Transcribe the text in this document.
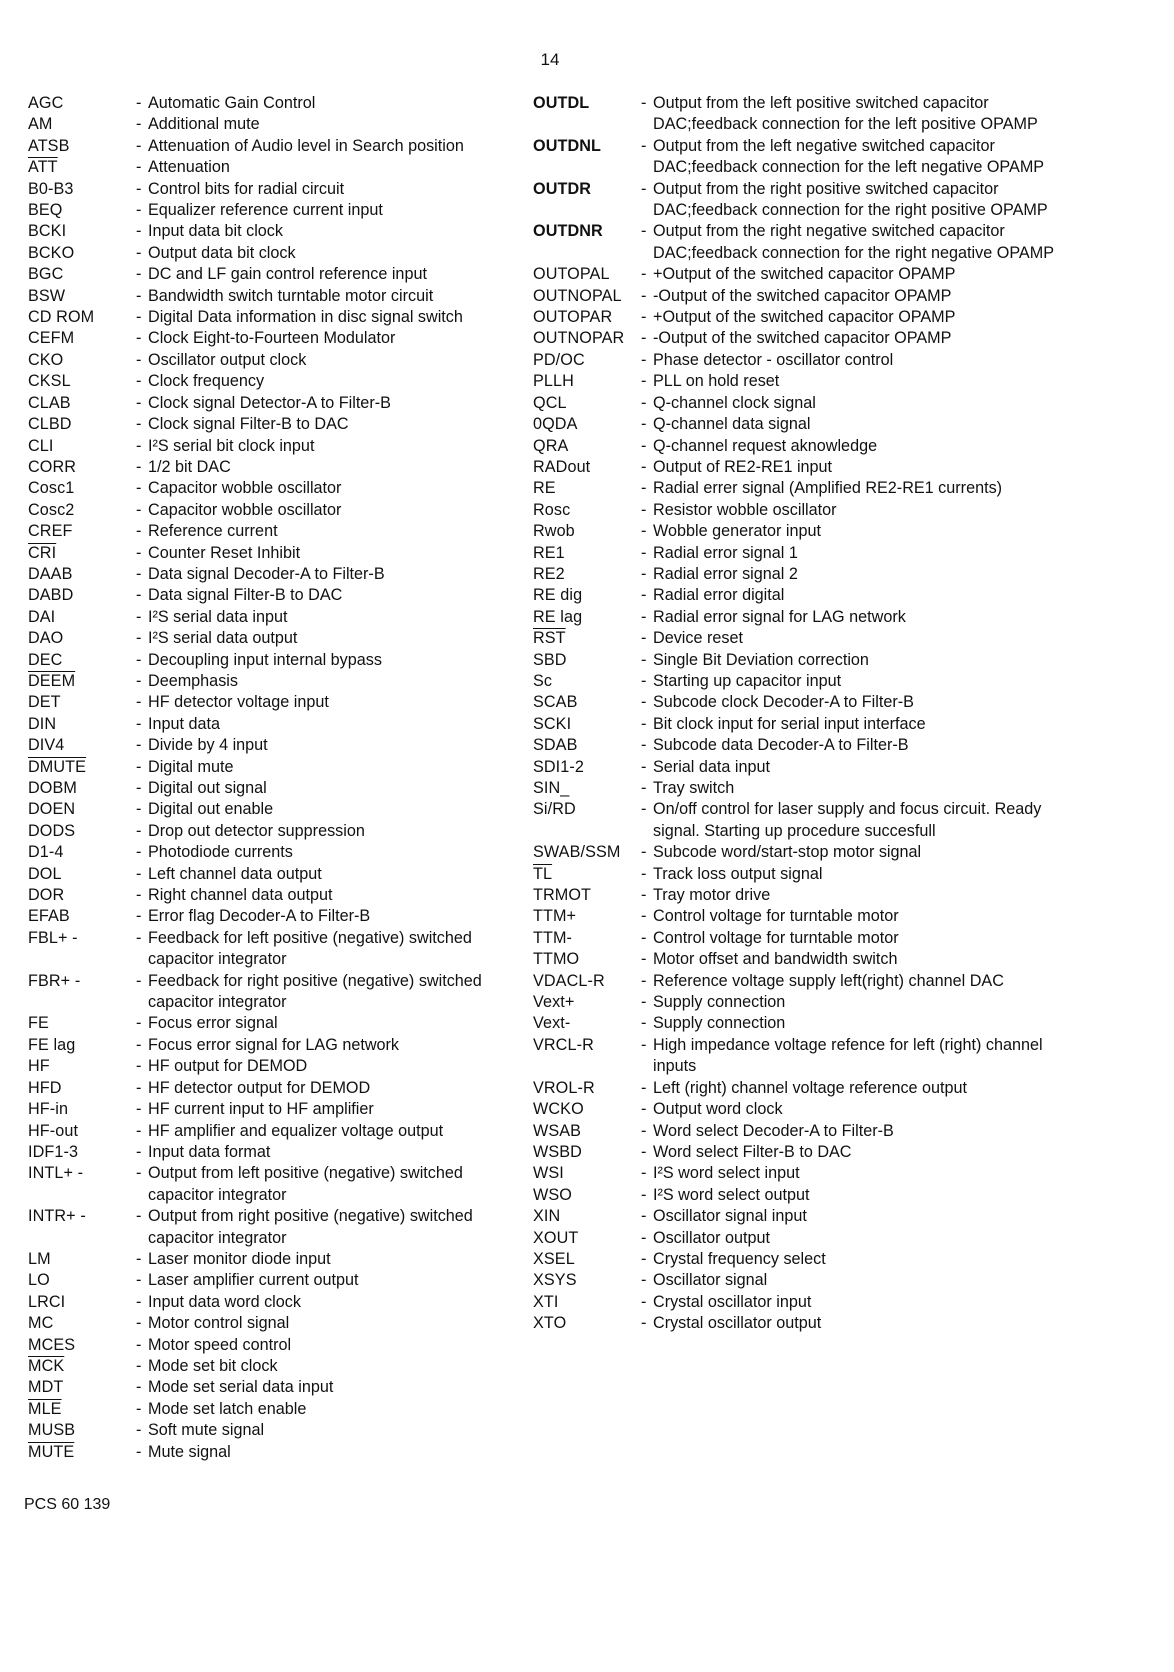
14
AGC	- Automatic Gain Control
AM	- Additional mute
ATSB	- Attenuation of Audio level in Search position
$\overline{ATT}$	- Attenuation
B0-B3	- Control bits for radial circuit
BEQ	- Equalizer reference current input
BCKI	- Input data bit clock
BCKO	- Output data bit clock
BGC	- DC and LF gain control reference input
BSW	- Bandwidth switch turntable motor circuit
CD ROM	- Digital Data information in disc signal switch
CEFM	- Clock Eight-to-Fourteen Modulator
CKO	- Oscillator output clock
CKSL	- Clock frequency
CLAB	- Clock signal Detector-A to Filter-B
CLBD	- Clock signal Filter-B to DAC
CLI	- I²S serial bit clock input
CORR	- 1/2 bit DAC
Cosc1	- Capacitor wobble oscillator
Cosc2	- Capacitor wobble oscillator
CREF	- Reference current
$\overline{CRI}$	- Counter Reset Inhibit
DAAB	- Data signal Decoder-A to Filter-B
DABD	- Data signal Filter-B to DAC
DAI	- I²S serial data input
DAO	- I²S serial data output
DEC	- Decoupling input internal bypass
DEEM	- Deemphasis
DET	- HF detector voltage input
DIN	- Input data
DIV4	- Divide by 4 input
DMUTE	- Digital mute
DOBM	- Digital out signal
DOEN	- Digital out enable
DODS	- Drop out detector suppression
D1-4	- Photodiode currents
DOL	- Left channel data output
DOR	- Right channel data output
EFAB	- Error flag Decoder-A to Filter-B
FBL+ -	- Feedback for left positive (negative) switched capacitor integrator
FBR+ -	- Feedback for right positive (negative) switched capacitor integrator
FE	- Focus error signal
FE lag	- Focus error signal for LAG network
HF	- HF output for DEMOD
HFD	- HF detector output for DEMOD
HF-in	- HF current input to HF amplifier
HF-out	- HF amplifier and equalizer voltage output
IDF1-3	- Input data format
INTL+ -	- Output from left positive (negative) switched capacitor integrator
INTR+ -	- Output from right positive (negative) switched capacitor integrator
LM	- Laser monitor diode input
LO	- Laser amplifier current output
LRCI	- Input data word clock
MC	- Motor control signal
MCES	- Motor speed control
$\overline{MCK}$	- Mode set bit clock
MDT	- Mode set serial data input
$\overline{MLE}$	- Mode set latch enable
MUSB	- Soft mute signal
MUTE	- Mute signal
OUTDL	- Output from the left positive switched capacitor DAC;feedback connection for the left positive OPAMP
OUTDNL	- Output from the left negative switched capacitor DAC;feedback connection for the left negative OPAMP
OUTDR	- Output from the right positive switched capacitor DAC;feedback connection for the right positive OPAMP
OUTDNR	- Output from the right negative switched capacitor DAC;feedback connection for the right negative OPAMP
OUTOPAL	- +Output of the switched capacitor OPAMP
OUTNOPAL	- -Output of the switched capacitor OPAMP
OUTOPAR	- +Output of the switched capacitor OPAMP
OUTNOPAR	- -Output of the switched capacitor OPAMP
PD/OC	- Phase detector - oscillator control
PLLH	- PLL on hold reset
QCL	- Q-channel clock signal
0QDA	- Q-channel data signal
QRA	- Q-channel request aknowledge
RADout	- Output of RE2-RE1 input
RE	- Radial errer signal (Amplified RE2-RE1 currents)
Rosc	- Resistor wobble oscillator
Rwob	- Wobble generator input
RE1	- Radial error signal 1
RE2	- Radial error signal 2
RE dig	- Radial error digital
RE lag	- Radial error signal for LAG network
$\overline{RST}$	- Device reset
SBD	- Single Bit Deviation correction
Sc	- Starting up capacitor input
SCAB	- Subcode clock Decoder-A to Filter-B
SCKI	- Bit clock input for serial input interface
SDAB	- Subcode data Decoder-A to Filter-B
SDI1-2	- Serial data input
SIN_	- Tray switch
Si/RD	- On/off control for laser supply and focus circuit. Ready signal. Starting up procedure succesfull
SWAB/SSM	- Subcode word/start-stop motor signal
$\overline{TL}$	- Track loss output signal
TRMOT	- Tray motor drive
TTM+	- Control voltage for turntable motor
TTM-	- Control voltage for turntable motor
TTMO	- Motor offset and bandwidth switch
VDACL-R	- Reference voltage supply left(right) channel DAC
Vext+	- Supply connection
Vext-	- Supply connection
VRCL-R	- High impedance voltage refence for left (right) channel inputs
VROL-R	- Left (right) channel voltage reference output
WCKO	- Output word clock
WSAB	- Word select Decoder-A to Filter-B
WSBD	- Word select Filter-B to DAC
WSI	- I²S word select input
WSO	- I²S word select output
XIN	- Oscillator signal input
XOUT	- Oscillator output
XSEL	- Crystal frequency select
XSYS	- Oscillator signal
XTI	- Crystal oscillator input
XTO	- Crystal oscillator output
PCS 60 139
